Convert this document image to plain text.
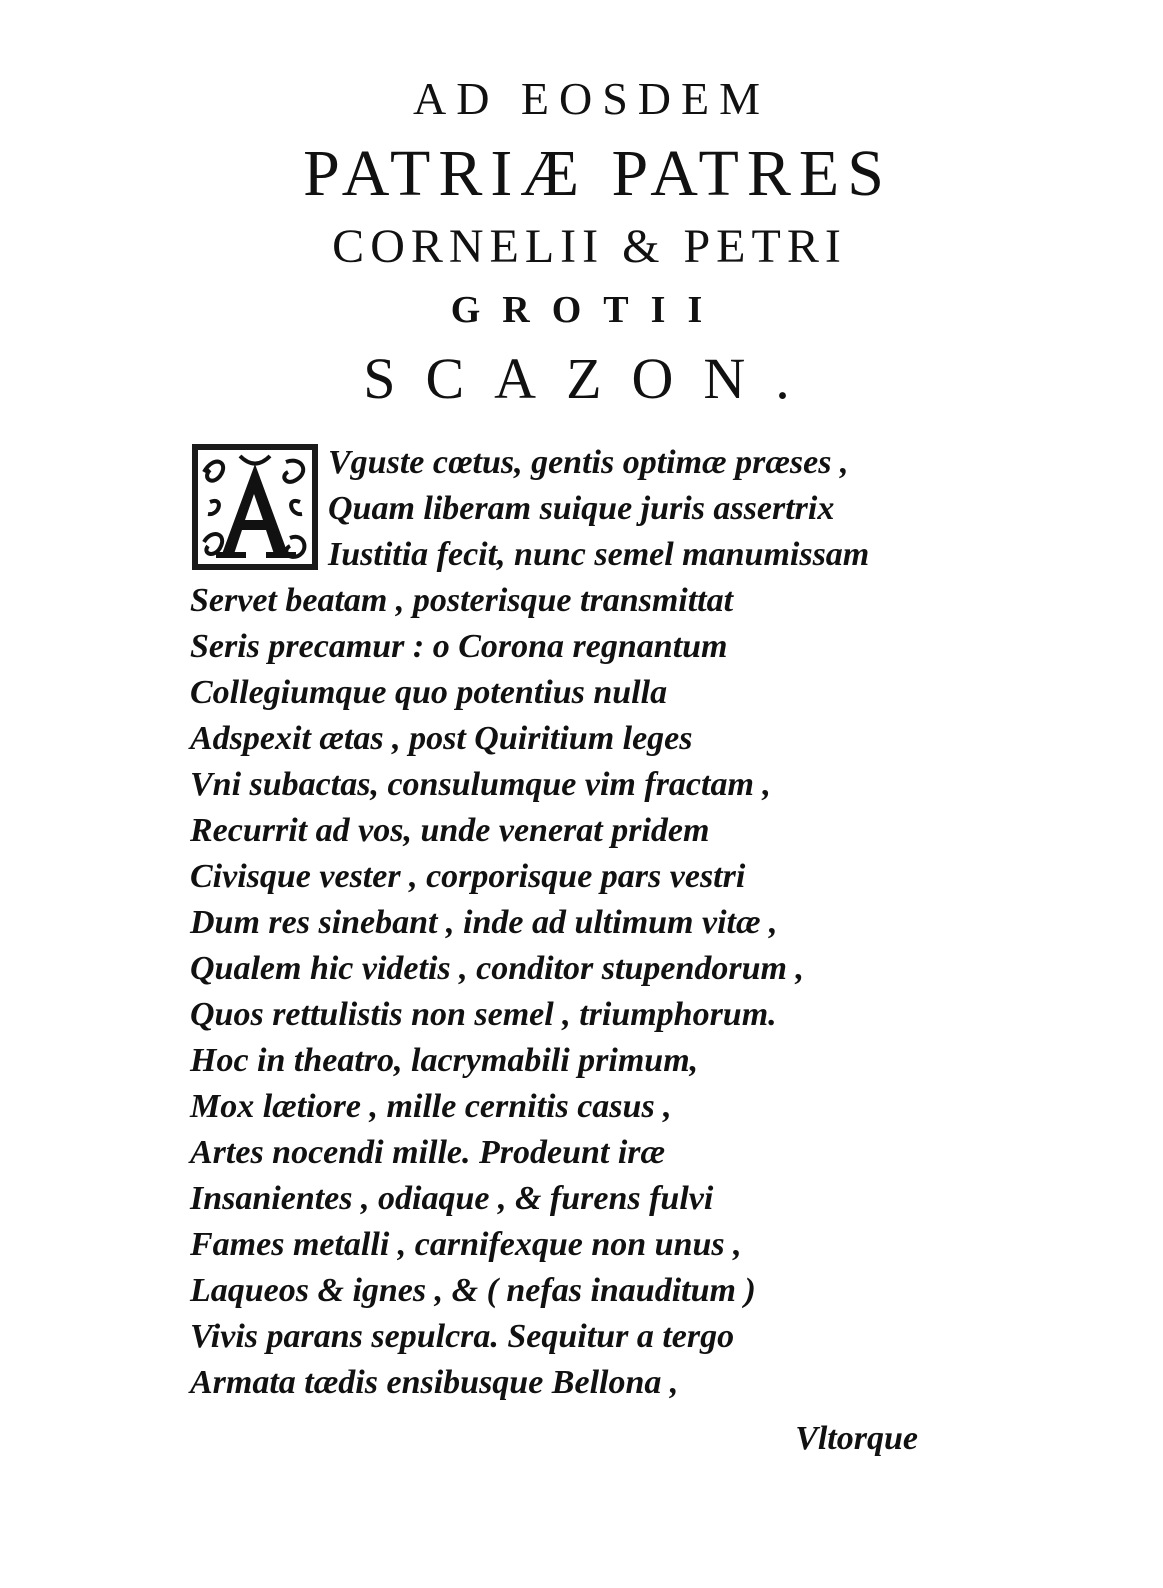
AD EOSDEM
PATRIÆ PATRES
CORNELII & PETRI
GROTII
SCAZON.
Vguste cœtus, gentis optimæ præses ,
Quam liberam suique juris assertrix
Iustitia fecit, nunc semel manumissam
Servet beatam , posterisque transmittat
Seris precamur : o Corona regnantum
Collegiumque quo potentius nulla
Adspexit ætas , post Quiritium leges
Vni subactas, consulumque vim fractam ,
Recurrit ad vos, unde venerat pridem
Civisque vester , corporisque pars vestri
Dum res sinebant , inde ad ultimum vitæ ,
Qualem hic videtis , conditor stupendorum ,
Quos rettulistis non semel , triumphorum.
Hoc in theatro, lacrymabili primum,
Mox lætiore , mille cernitis casus ,
Artes nocendi mille. Prodeunt iræ
Insanientes , odiaque , & furens fulvi
Fames metalli , carnifexque non unus ,
Laqueos & ignes , & ( nefas inauditum )
Vivis parans sepulcra. Sequitur a tergo
Armata tædis ensibusque Bellona ,
Vltorque
